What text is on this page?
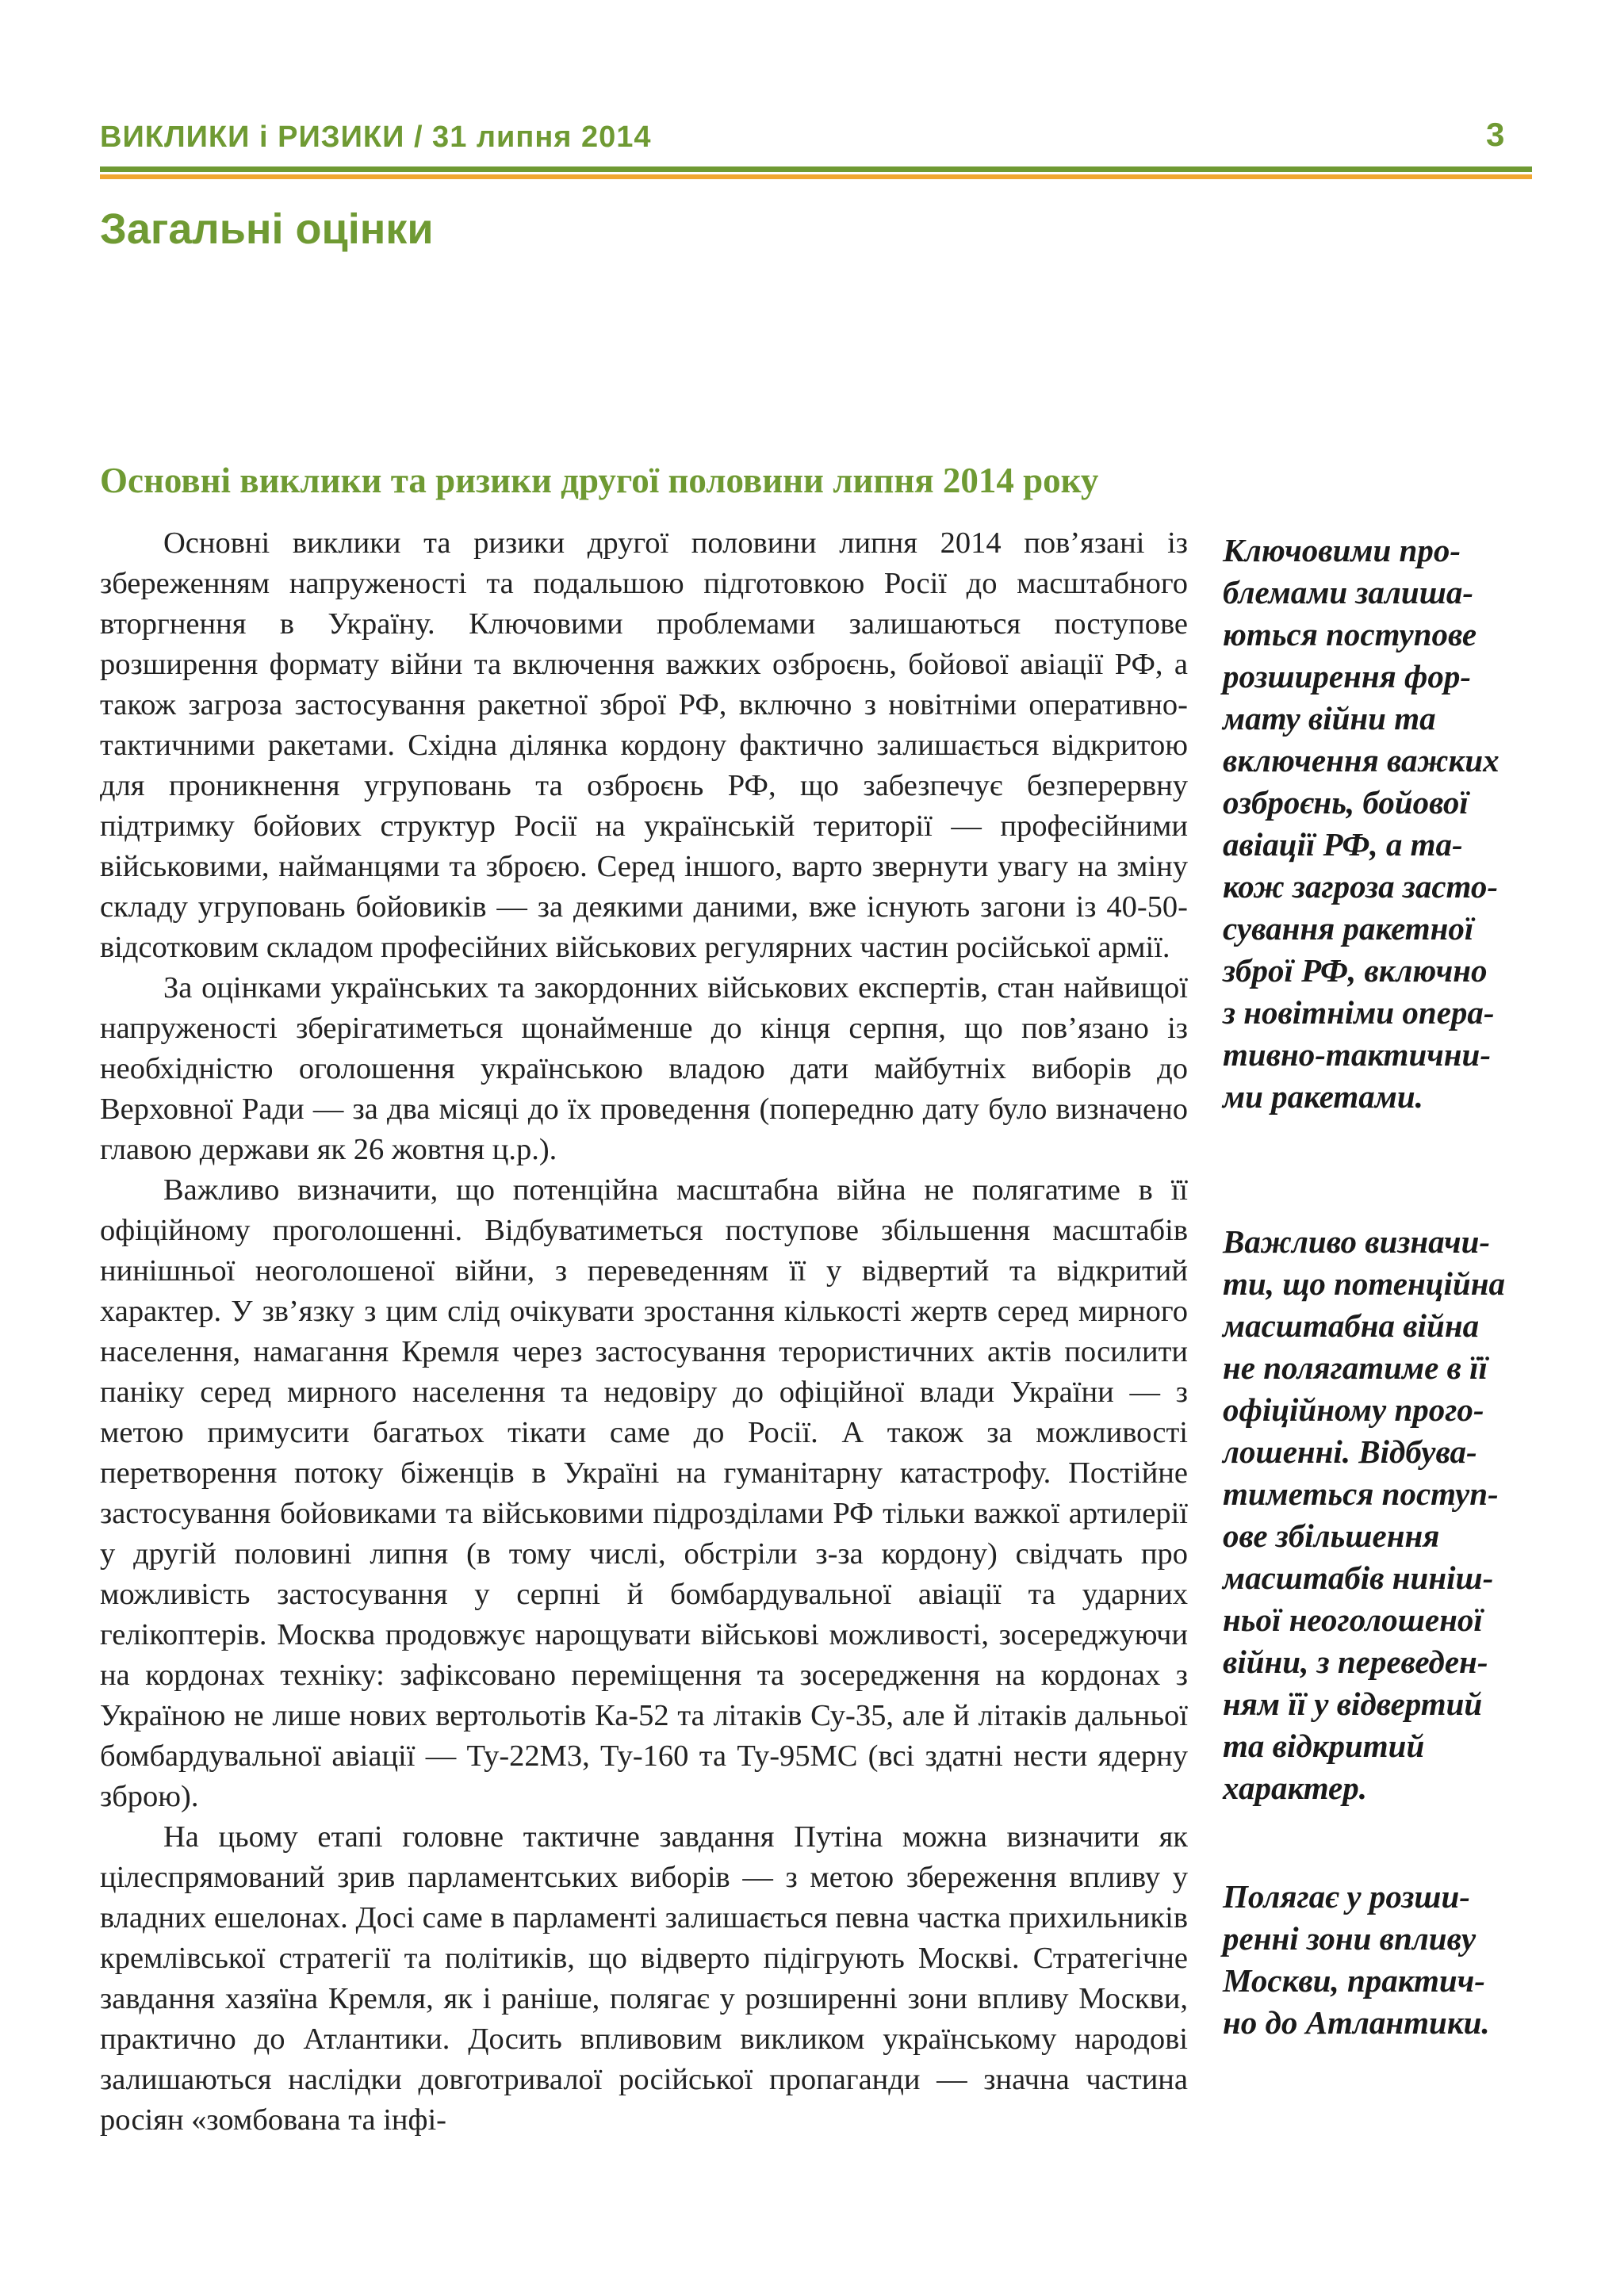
ВИКЛИКИ і РИЗИКИ / 31 липня 2014	3
Загальні оцінки
Основні виклики та ризики другої половини липня 2014 року

Основні виклики та ризики другої половини липня 2014 пов’язані із збереженням напруженості та подальшою підготовкою Росії до масштабного вторгнення в Україну. Ключовими проблемами залишаються поступове розширення формату війни та включення важких озброєнь, бойової авіації РФ, а також загроза застосування ракетної зброї РФ, включно з новітніми оперативно-тактичними ракетами. Східна ділянка кордону фактично залишається відкритою для проникнення угруповань та озброєнь РФ, що забезпечує безперервну підтримку бойових структур Росії на українській території — професійними військовими, найманцями та зброєю. Серед іншого, варто звернути увагу на зміну складу угруповань бойовиків — за деякими даними, вже існують загони із 40-50-відсотковим складом професійних військових регулярних частин російської армії.

За оцінками українських та закордонних військових експертів, стан найвищої напруженості зберігатиметься щонайменше до кінця серпня, що пов’язано із необхідністю оголошення українською владою дати майбутніх виборів до Верховної Ради — за два місяці до їх проведення (попередню дату було визначено главою держави як 26 жовтня ц.р.).

Важливо визначити, що потенційна масштабна війна не полягатиме в її офіційному проголошенні. Відбуватиметься поступове збільшення масштабів нинішньої неоголошеної війни, з переведенням її у відвертий та відкритий характер. У зв’язку з цим слід очікувати зростання кількості жертв серед мирного населення, намагання Кремля через застосування терористичних актів посилити паніку серед мирного населення та недовіру до офіційної влади України — з метою примусити багатьох тікати саме до Росії. А також за можливості перетворення потоку біженців в Україні на гуманітарну катастрофу. Постійне застосування бойовиками та військовими підрозділами РФ тільки важкої артилерії у другій половині липня (в тому числі, обстріли з-за кордону) свідчать про можливість застосування у серпні й бомбардувальної авіації та ударних гелікоптерів. Москва продовжує нарощувати військові можливості, зосереджуючи на кордонах техніку: зафіксовано переміщення та зосередження на кордонах з Україною не лише нових вертольотів Ка-52 та літаків Су-35, але й літаків дальньої бомбардувальної авіації — Ту-22М3, Ту-160 та Ту-95МС (всі здатні нести ядерну зброю).

На цьому етапі головне тактичне завдання Путіна можна визначити як цілеспрямований зрив парламентських виборів — з метою збереження впливу у владних ешелонах. Досі саме в парламенті залишається певна частка прихильників кремлівської стратегії та політиків, що відверто підігрують Москві. Стратегічне завдання хазяїна Кремля, як і раніше, полягає у розширенні зони впливу Москви, практично до Атлантики. Досить впливовим викликом українському народові залишаються наслідки довготривалої російської пропаганди — значна частина росіян «зомбована та інфі-

Ключовими про-
блемами залиша-
ються поступове
розширення фор-
мату війни та
включення важких
озброєнь, бойової
авіації РФ, а та-
кож загроза засто-
сування ракетної
зброї РФ, включно
з новітніми опера-
тивно-тактични-
ми ракетами.

Важливо визначи-
ти, що потенційна
масштабна війна
не полягатиме в її
офіційному прого-
лошенні. Відбува-
тиметься поступ-
ове збільшення
масштабів ниніш-
ньої неоголошеної
війни, з переведен-
ням її у відвертий
та відкритий
характер.

Полягає у розши-
ренні зони впливу
Москви, практич-
но до Атлантики.
